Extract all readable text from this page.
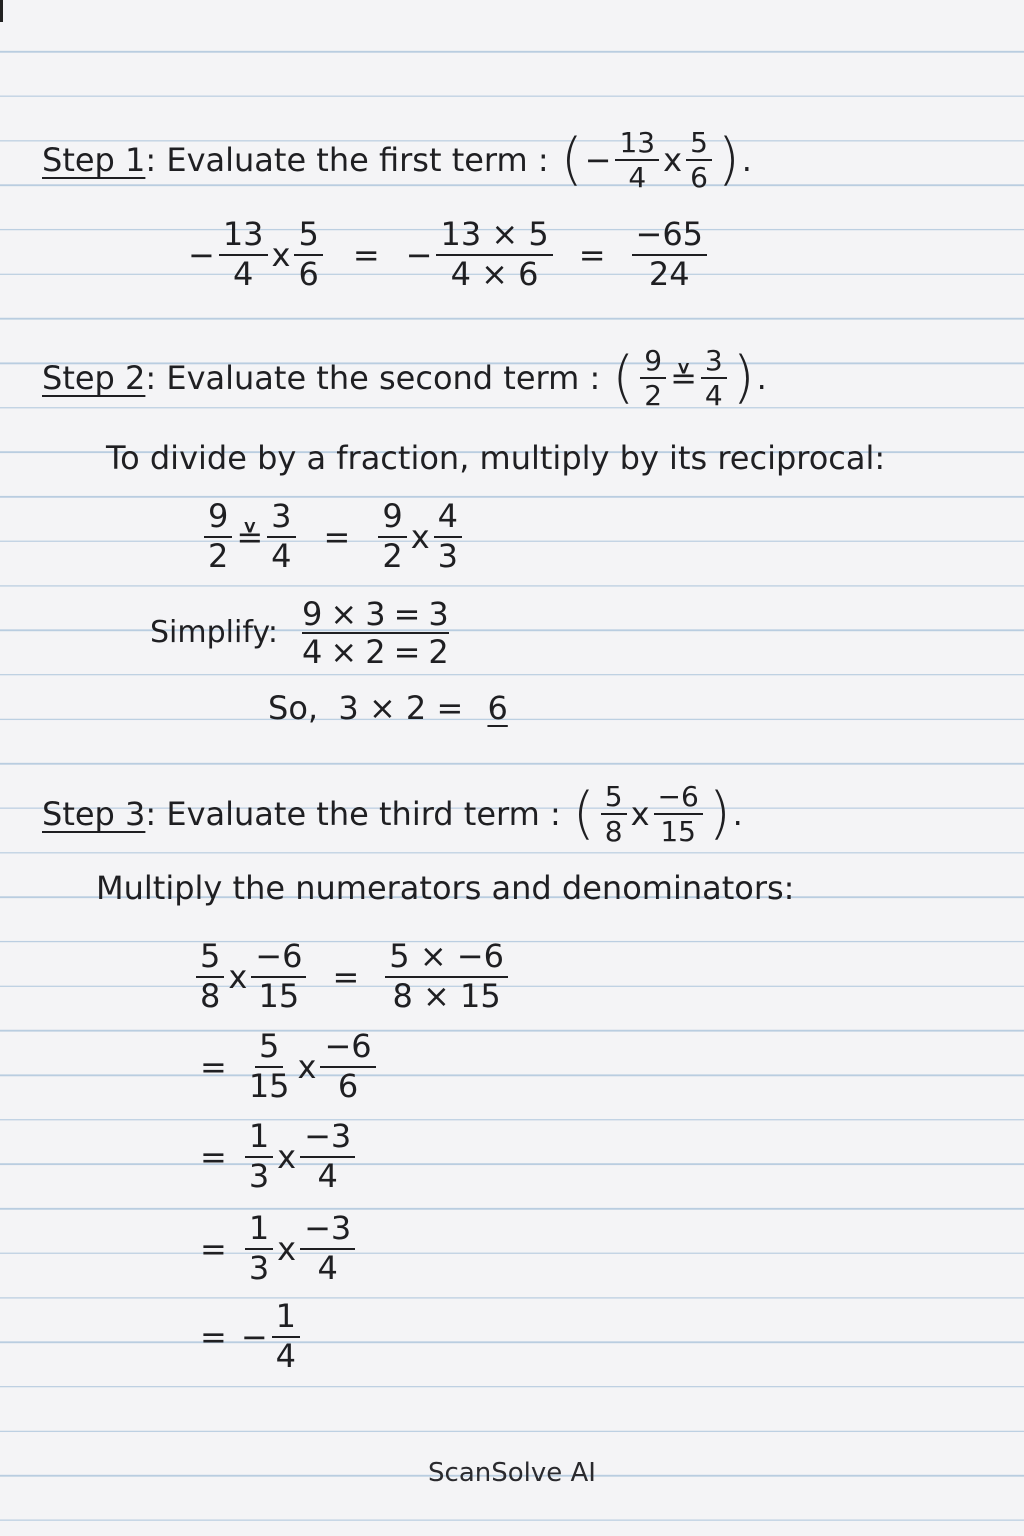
Step 1 : Evaluate the first term : ( − $\frac{13}{4}$ x $\frac{5}{6}$ ) .
− $\frac{13}{4}$ x $\frac{5}{6}$ = − $\frac{13 \times 5}{4 \times 6} = \frac{-65}{24}$
Step 2 : Evaluate the second term : ( $\frac{9}{2}$ ≚ $\frac{3}{4}$ ) .
To divide by a fraction, multiply by its reciprocal:
$\frac{9}{2}$ ≚ $\frac{3}{4} = \frac{9}{2}$ x $\frac{4}{3}$
Simplify: 9 × 3 = 3
4 × 2 = 2
So,  3 × 2 = 6
Step 3 : Evaluate the third term : ( $\frac{5}{8}$ x $\frac{-6}{15}$ ) .
Multiply the numerators and denominators:
$\frac{5}{8}$ x $\frac{-6}{15} = \frac{5 \times -6}{8 \times 15}$
= $\frac{5}{15}$ x $\frac{-6}{6}$
= $\frac{1}{3}$ x $\frac{-3}{4}$
= $\frac{1}{3}$ x $\frac{-3}{4}$
= − $\frac{1}{4}$
ScanSolve AI
